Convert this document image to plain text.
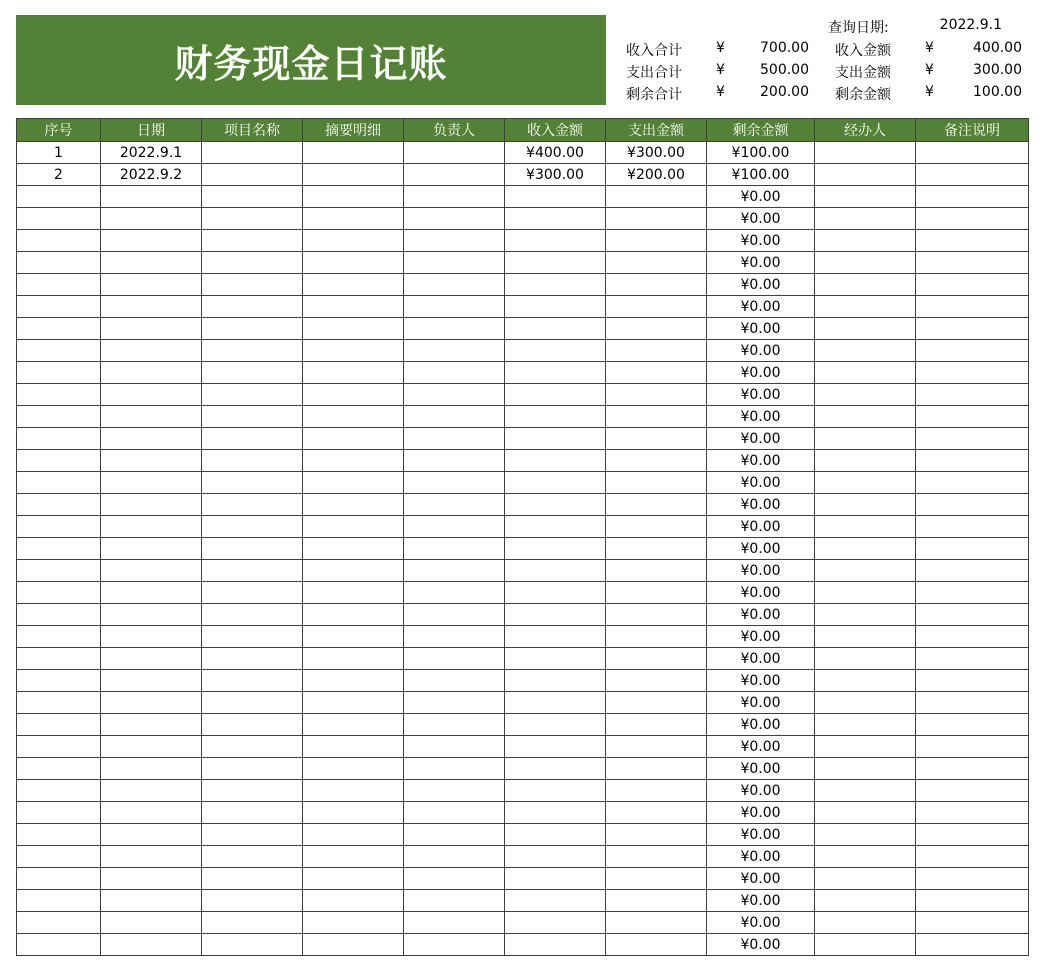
财务现金日记账
查询日期:	2022.9.1
收入合计 ¥	700.00 收入金额 ¥	400.00
支出合计 ¥	500.00 支出金额 ¥	300.00
剩余合计 ¥	200.00 剩余金额 ¥	100.00
序号	日期	项目名称	摘要明细	负责人	收入金额	支出金额	剩余金额	经办人	备注说明
1	2022.9.1				¥400.00	¥300.00	¥100.00		
2	2022.9.2				¥300.00	¥200.00	¥100.00		
							¥0.00		
							¥0.00		
							¥0.00		
							¥0.00		
							¥0.00		
							¥0.00		
							¥0.00		
							¥0.00		
							¥0.00		
							¥0.00		
							¥0.00		
							¥0.00		
							¥0.00		
							¥0.00		
							¥0.00		
							¥0.00		
							¥0.00		
							¥0.00		
							¥0.00		
							¥0.00		
							¥0.00		
							¥0.00		
							¥0.00		
							¥0.00		
							¥0.00		
							¥0.00		
							¥0.00		
							¥0.00		
							¥0.00		
							¥0.00		
							¥0.00		
							¥0.00		
							¥0.00		
							¥0.00		
							¥0.00		
